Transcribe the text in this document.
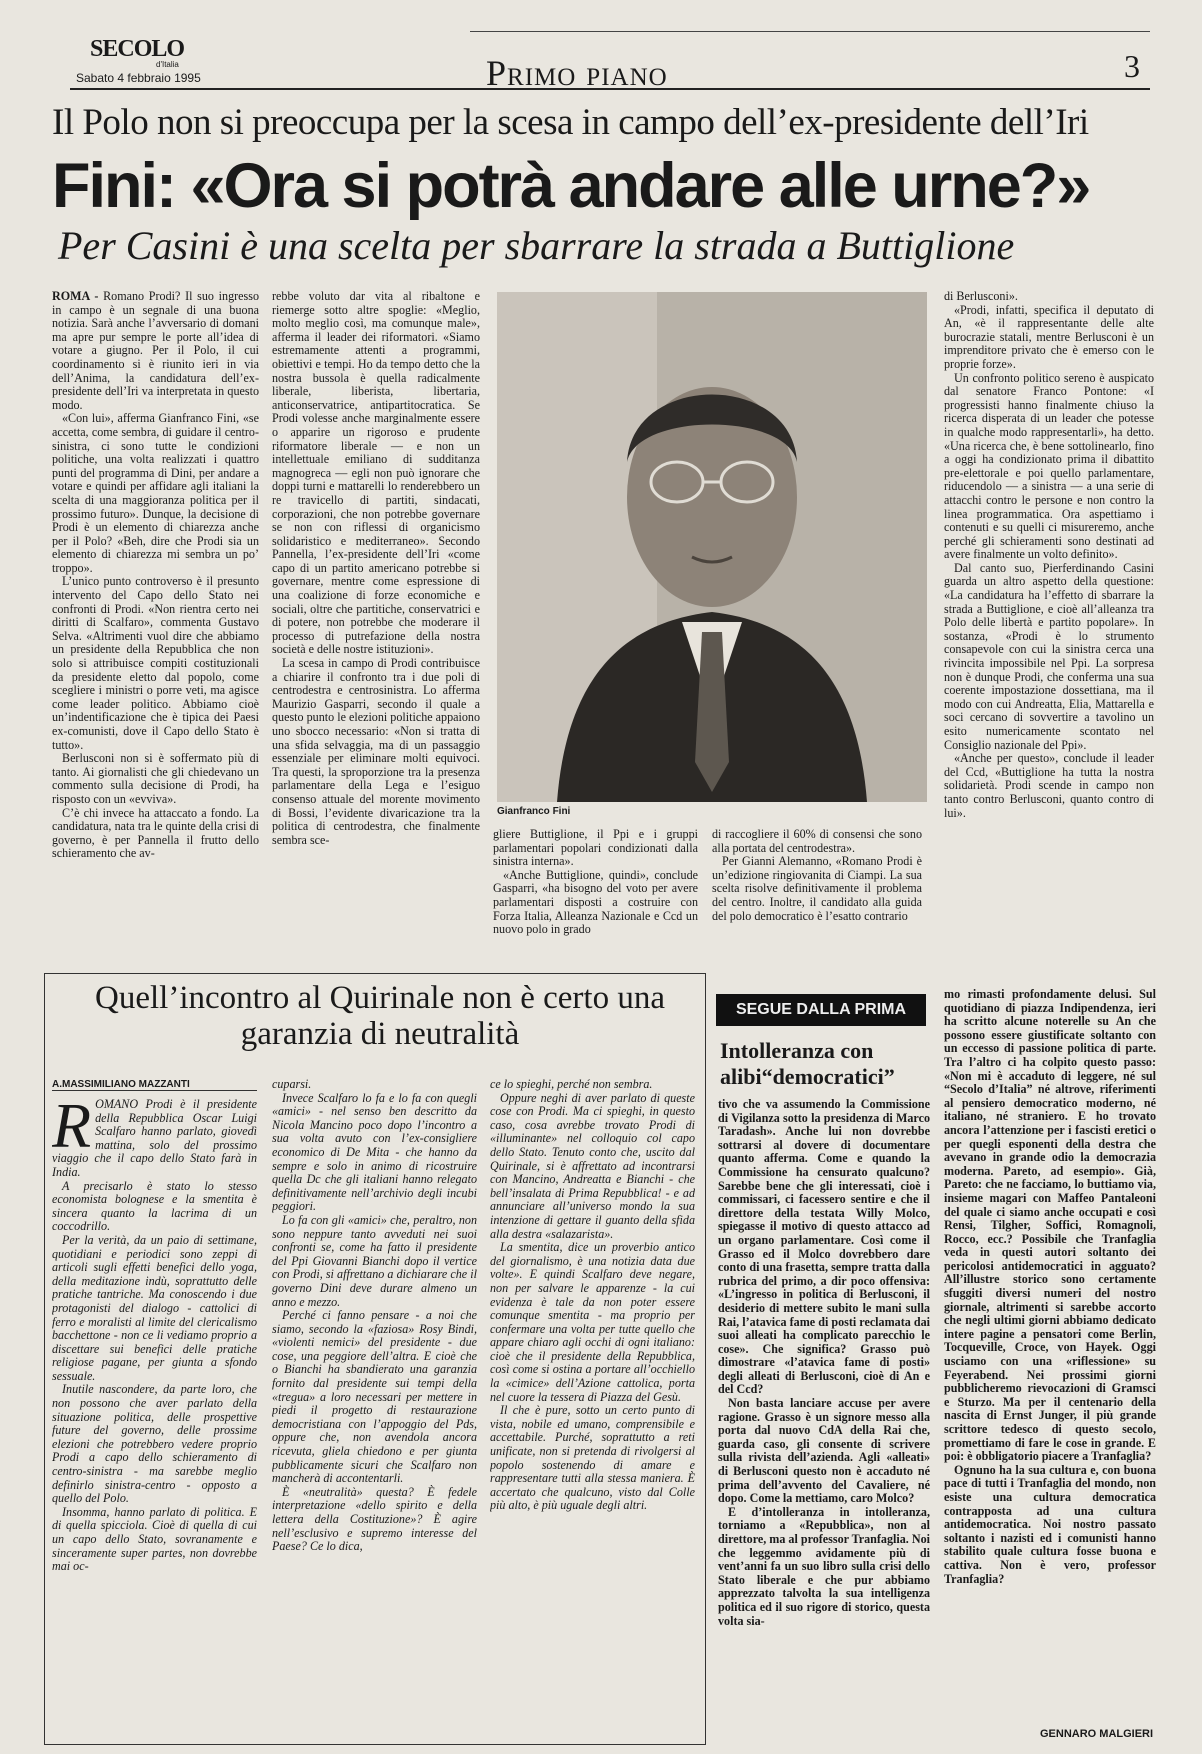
SECOLO
d'Italia
Sabato 4 febbraio 1995	Primo piano	3
Il Polo non si preoccupa per la scesa in campo dell’ex-presidente dell’Iri
Fini: «Ora si potrà andare alle urne?»
Per Casini è una scelta per sbarrare la strada a Buttiglione

ROMA - Romano Prodi? Il suo ingresso in campo è un segnale di una buona notizia. Sarà anche l’avversario di domani ma apre pur sempre le porte all’idea di votare a giugno. Per il Polo, il cui coordinamento si è riunito ieri in via dell’Anima, la candidatura dell’ex-presidente dell’Iri va interpretata in questo modo.

«Con lui», afferma Gianfranco Fini, «se accetta, come sembra, di guidare il centro-sinistra, ci sono tutte le condizioni politiche, una volta realizzati i quattro punti del programma di Dini, per andare a votare e quindi per affidare agli italiani la scelta di una maggioranza politica per il prossimo futuro». Dunque, la decisione di Prodi è un elemento di chiarezza anche per il Polo? «Beh, dire che Prodi sia un elemento di chiarezza mi sembra un po’ troppo».

L’unico punto controverso è il presunto intervento del Capo dello Stato nei confronti di Prodi. «Non rientra certo nei diritti di Scalfaro», commenta Gustavo Selva. «Altrimenti vuol dire che abbiamo un presidente della Repubblica che non solo si attribuisce compiti costituzionali da presidente eletto dal popolo, come scegliere i ministri o porre veti, ma agisce come leader politico. Abbiamo cioè un’indentificazione che è tipica dei Paesi ex-comunisti, dove il Capo dello Stato è tutto».

Berlusconi non si è soffermato più di tanto. Ai giornalisti che gli chiedevano un commento sulla decisione di Prodi, ha risposto con un «evviva».

C’è chi invece ha attaccato a fondo. La candidatura, nata tra le quinte della crisi di governo, è per Pannella il frutto dello schieramento che av-

rebbe voluto dar vita al ribaltone e riemerge sotto altre spoglie: «Meglio, molto meglio così, ma comunque male», afferma il leader dei riformatori. «Siamo estremamente attenti a programmi, obiettivi e tempi. Ho da tempo detto che la nostra bussola è quella radicalmente liberale, liberista, libertaria, anticonservatrice, antipartitocratica. Se Prodi volesse anche marginalmente essere o apparire un rigoroso e prudente riformatore liberale — e non un intellettuale emiliano di sudditanza magnogreca — egli non può ignorare che doppi turni e mattarelli lo renderebbero un re travicello di partiti, sindacati, corporazioni, che non potrebbe governare se non con riflessi di organicismo solidaristico e mediterraneo». Secondo Pannella, l’ex-presidente dell’Iri «come capo di un partito americano potrebbe si governare, mentre come espressione di una coalizione di forze economiche e sociali, oltre che partitiche, conservatrici e di potere, non potrebbe che moderare il processo di putrefazione della nostra società e delle nostre istituzioni».

La scesa in campo di Prodi contribuisce a chiarire il confronto tra i due poli di centrodestra e centrosinistra. Lo afferma Maurizio Gasparri, secondo il quale a questo punto le elezioni politiche appaiono uno sbocco necessario: «Non si tratta di una sfida selvaggia, ma di un passaggio essenziale per eliminare molti equivoci. Tra questi, la sproporzione tra la presenza parlamentare della Lega e l’esiguo consenso attuale del morente movimento di Bossi, l’evidente divaricazione tra la politica di centrodestra, che finalmente sembra sce-

Gianfranco Fini

gliere Buttiglione, il Ppi e i gruppi parlamentari popolari condizionati dalla sinistra interna».

«Anche Buttiglione, quindi», conclude Gasparri, «ha bisogno del voto per avere parlamentari disposti a costruire con Forza Italia, Alleanza Nazionale e Ccd un nuovo polo in grado

di raccogliere il 60% di consensi che sono alla portata del centrodestra».

Per Gianni Alemanno, «Romano Prodi è un’edizione ringiovanita di Ciampi. La sua scelta risolve definitivamente il problema del centro. Inoltre, il candidato alla guida del polo democratico è l’esatto contrario

di Berlusconi».

«Prodi, infatti, specifica il deputato di An, «è il rappresentante delle alte burocrazie statali, mentre Berlusconi è un imprenditore privato che è emerso con le proprie forze».

Un confronto politico sereno è auspicato dal senatore Franco Pontone: «I progressisti hanno finalmente chiuso la ricerca disperata di un leader che potesse in qualche modo rappresentarli», ha detto. «Una ricerca che, è bene sottolinearlo, fino a oggi ha condizionato prima il dibattito pre-elettorale e poi quello parlamentare, riducendolo — a sinistra — a una serie di attacchi contro le persone e non contro la linea programmatica. Ora aspettiamo i contenuti e su quelli ci misureremo, anche perché gli schieramenti sono destinati ad avere finalmente un volto definito».

Dal canto suo, Pierferdinando Casini guarda un altro aspetto della questione: «La candidatura ha l’effetto di sbarrare la strada a Buttiglione, e cioè all’alleanza tra Polo delle libertà e partito popolare». In sostanza, «Prodi è lo strumento consapevole con cui la sinistra cerca una rivincita impossibile nel Ppi. La sorpresa non è dunque Prodi, che conferma una sua coerente impostazione dossettiana, ma il modo con cui Andreatta, Elia, Mattarella e soci cercano di sovvertire a tavolino un esito numericamente scontato nel Consiglio nazionale del Ppi».

«Anche per questo», conclude il leader del Ccd, «Buttiglione ha tutta la nostra solidarietà. Prodi scende in campo non tanto contro Berlusconi, quanto contro di lui».

Quell’incontro al Quirinale non è certo una garanzia di neutralità
A.MASSIMILIANO MAZZANTI

ROMANO Prodi è il presidente della Repubblica Oscar Luigi Scalfaro hanno parlato, giovedì mattina, solo del prossimo viaggio che il capo dello Stato farà in India.

A precisarlo è stato lo stesso economista bolognese e la smentita è sincera quanto la lacrima di un coccodrillo.

Per la verità, da un paio di settimane, quotidiani e periodici sono zeppi di articoli sugli effetti benefici dello yoga, della meditazione indù, soprattutto delle pratiche tantriche. Ma conoscendo i due protagonisti del dialogo - cattolici di ferro e moralisti al limite del clericalismo bacchettone - non ce li vediamo proprio a discettare sui benefici delle pratiche religiose pagane, per giunta a sfondo sessuale.

Inutile nascondere, da parte loro, che non possono che aver parlato della situazione politica, delle prospettive future del governo, delle prossime elezioni che potrebbero vedere proprio Prodi a capo dello schieramento di centro-sinistra - ma sarebbe meglio definirlo sinistra-centro - opposto a quello del Polo.

Insomma, hanno parlato di politica. E di quella spicciola. Cioè di quella di cui un capo dello Stato, sovranamente e sinceramente super partes, non dovrebbe mai oc-

cuparsi.

Invece Scalfaro lo fa e lo fa con quegli «amici» - nel senso ben descritto da Nicola Mancino poco dopo l’incontro a sua volta avuto con l’ex-consigliere economico di De Mita - che hanno da sempre e solo in animo di ricostruire quella Dc che gli italiani hanno relegato definitivamente nell’archivio degli incubi peggiori.

Lo fa con gli «amici» che, peraltro, non sono neppure tanto avveduti nei suoi confronti se, come ha fatto il presidente del Ppi Giovanni Bianchi dopo il vertice con Prodi, si affrettano a dichiarare che il governo Dini deve durare almeno un anno e mezzo.

Perché ci fanno pensare - a noi che siamo, secondo la «faziosa» Rosy Bindi, «violenti nemici» del presidente - due cose, una peggiore dell’altra. E cioè che o Bianchi ha sbandierato una garanzia fornito dal presidente sui tempi della «tregua» a loro necessari per mettere in piedi il progetto di restaurazione democristiana con l’appoggio del Pds, oppure che, non avendola ancora ricevuta, gliela chiedono e per giunta pubblicamente sicuri che Scalfaro non mancherà di accontentarli.

È «neutralità» questa? È fedele interpretazione «dello spirito e della lettera della Costituzione»? È agire nell’esclusivo e supremo interesse del Paese? Ce lo dica,

ce lo spieghi, perché non sembra.

Oppure neghi di aver parlato di queste cose con Prodi. Ma ci spieghi, in questo caso, cosa avrebbe trovato Prodi di «illuminante» nel colloquio col capo dello Stato. Tenuto conto che, uscito dal Quirinale, si è affrettato ad incontrarsi con Mancino, Andreatta e Bianchi - che bell’insalata di Prima Repubblica! - e ad annunciare all’universo mondo la sua intenzione di gettare il guanto della sfida alla destra «salazarista».

La smentita, dice un proverbio antico del giornalismo, è una notizia data due volte». E quindi Scalfaro deve negare, non per salvare le apparenze - la cui evidenza è tale da non poter essere comunque smentita - ma proprio per confermare una volta per tutte quello che appare chiaro agli occhi di ogni italiano: cioè che il presidente della Repubblica, così come si ostina a portare all’occhiello la «cimice» dell’Azione cattolica, porta nel cuore la tessera di Piazza del Gesù.

Il che è pure, sotto un certo punto di vista, nobile ed umano, comprensibile e accettabile. Purché, soprattutto a reti unificate, non si pretenda di rivolgersi al popolo sostenendo di amare e rappresentare tutti alla stessa maniera. È accertato che qualcuno, visto dal Colle più alto, è più uguale degli altri.

SEGUE DALLA PRIMA
Intolleranza con alibi“democratici”

tivo che va assumendo la Commissione di Vigilanza sotto la presidenza di Marco Taradash». Anche lui non dovrebbe sottrarsi al dovere di documentare quanto afferma. Come e quando la Commissione ha censurato qualcuno? Sarebbe bene che gli interessati, cioè i commissari, ci facessero sentire e che il direttore della testata Willy Molco, spiegasse il motivo di questo attacco ad un organo parlamentare. Così come il Grasso ed il Molco dovrebbero dare conto di una frasetta, sempre tratta dalla rubrica del primo, a dir poco offensiva: «L’ingresso in politica di Berlusconi, il desiderio di mettere subito le mani sulla Rai, l’atavica fame di posti reclamata dai suoi alleati ha complicato parecchio le cose». Che significa? Grasso può dimostrare «l’atavica fame di posti» degli alleati di Berlusconi, cioè di An e del Ccd?

Non basta lanciare accuse per avere ragione. Grasso è un signore messo alla porta dal nuovo CdA della Rai che, guarda caso, gli consente di scrivere sulla rivista dell’azienda. Agli «alleati» di Berlusconi questo non è accaduto né prima dell’avvento del Cavaliere, né dopo. Come la mettiamo, caro Molco?

E d’intolleranza in intolleranza, torniamo a «Repubblica», non al direttore, ma al professor Tranfaglia. Noi che leggemmo avidamente più di vent’anni fa un suo libro sulla crisi dello Stato liberale e che pur abbiamo apprezzato talvolta la sua intelligenza politica ed il suo rigore di storico, questa volta sia-

mo rimasti profondamente delusi. Sul quotidiano di piazza Indipendenza, ieri ha scritto alcune noterelle su An che possono essere giustificate soltanto con un eccesso di passione politica di parte. Tra l’altro ci ha colpito questo passo: «Non mi è accaduto di leggere, né sul “Secolo d’Italia” né altrove, riferimenti al pensiero democratico moderno, né italiano, né straniero. E ho trovato ancora l’attenzione per i fascisti eretici o per quegli esponenti della destra che avevano in grande odio la democrazia moderna. Pareto, ad esempio». Già, Pareto: che ne facciamo, lo buttiamo via, insieme magari con Maffeo Pantaleoni del quale ci siamo anche occupati e così Rensi, Tilgher, Soffici, Romagnoli, Rocco, ecc.? Possibile che Tranfaglia veda in questi autori soltanto dei pericolosi antidemocratici in agguato? All’illustre storico sono certamente sfuggiti diversi numeri del nostro giornale, altrimenti si sarebbe accorto che negli ultimi giorni abbiamo dedicato intere pagine a pensatori come Berlin, Tocqueville, Croce, von Hayek. Oggi usciamo con una «riflessione» su Feyerabend. Nei prossimi giorni pubblicheremo rievocazioni di Gramsci e Sturzo. Ma per il centenario della nascita di Ernst Junger, il più grande scrittore tedesco di questo secolo, promettiamo di fare le cose in grande. E poi: è obbligatorio piacere a Tranfaglia?

Ognuno ha la sua cultura e, con buona pace di tutti i Tranfaglia del mondo, non esiste una cultura democratica contrapposta ad una cultura antidemocratica. Noi nostro passato soltanto i nazisti ed i comunisti hanno stabilito quale cultura fosse buona e cattiva. Non è vero, professor Tranfaglia?

GENNARO MALGIERI
